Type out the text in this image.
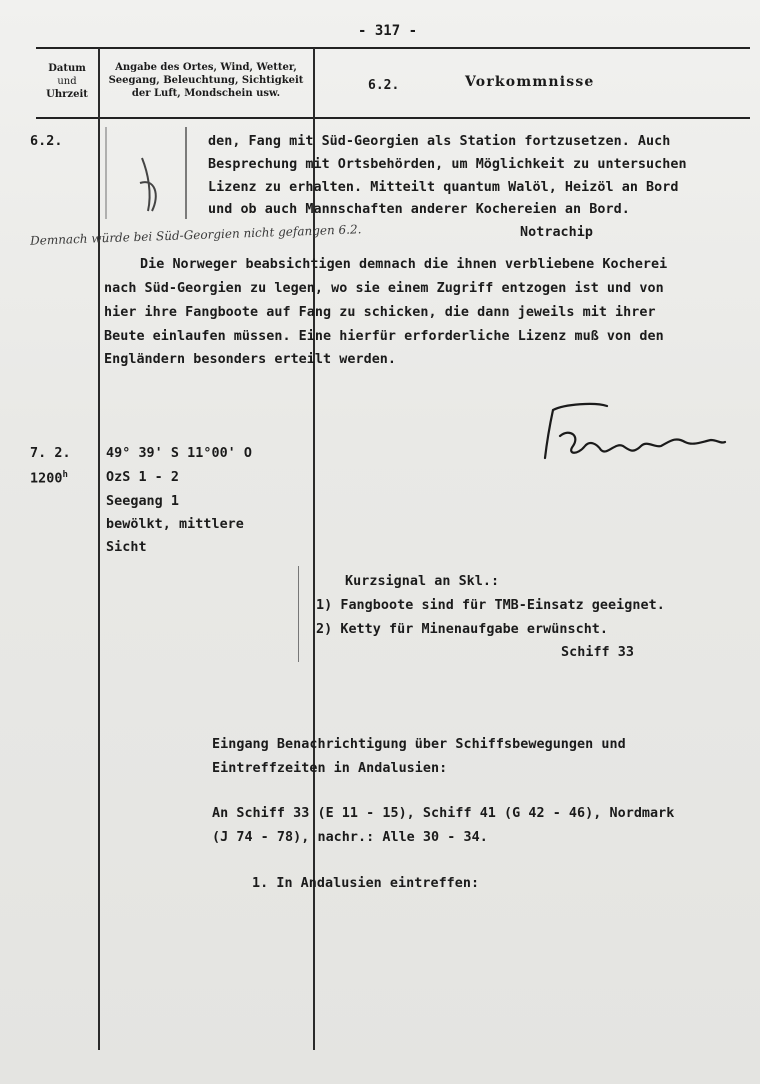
- 317 -
Datum
und
Uhrzeit
Angabe des Ortes, Wind, Wetter,
Seegang, Beleuchtung, Sichtigkeit
der Luft, Mondschein usw.
6.2.	Vorkommnisse
6.2.	den, Fang mit Süd-Georgien als Station fortzusetzen. Auch
Besprechung mit Ortsbehörden, um Möglichkeit zu untersuchen
Lizenz zu erhalten. Mitteilt quantum Walöl, Heizöl an Bord
und ob auch Mannschaften anderer Kochereien an Bord.
Notrachip
Demnach würde bei Süd-Georgien nicht gefangen 6.2.
Die Norweger beabsichtigen demnach die ihnen verbliebene Kocherei
nach Süd-Georgien zu legen, wo sie einem Zugriff entzogen ist und von
hier ihre Fangboote auf Fang zu schicken, die dann jeweils mit ihrer
Beute einlaufen müssen. Eine hierfür erforderliche Lizenz muß von den
Engländern besonders erteilt werden.
7. 2.
1200$^h$
49° 39' S 11°00' O
OzS 1 - 2
Seegang 1
bewölkt, mittlere
Sicht
Kurzsignal an Skl.:
1) Fangboote sind für TMB-Einsatz geeignet.
2) Ketty für Minenaufgabe erwünscht.
Schiff 33
Eingang Benachrichtigung über Schiffsbewegungen und
Eintreffzeiten in Andalusien:
An Schiff 33 (E 11 - 15), Schiff 41 (G 42 - 46), Nordmark
(J 74 - 78), nachr.: Alle 30 - 34.
1. In Andalusien eintreffen:
